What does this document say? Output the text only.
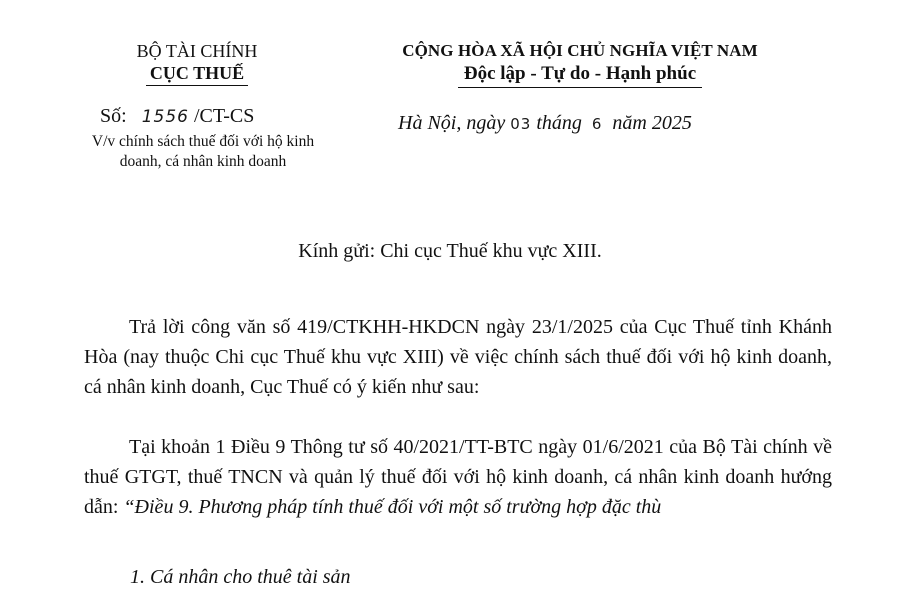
BỘ TÀI CHÍNH
CỤC THUẾ
CỘNG HÒA XÃ HỘI CHỦ NGHĨA VIỆT NAM
Độc lập - Tự do - Hạnh phúc
Số: 1556 /CT-CS
V/v chính sách thuế đối với hộ kinh doanh, cá nhân kinh doanh
Hà Nội, ngày 03 tháng 6 năm 2025
Kính gửi: Chi cục Thuế khu vực XIII.

Trả lời công văn số 419/CTKHH-HKDCN ngày 23/1/2025 của Cục Thuế tỉnh Khánh Hòa (nay thuộc Chi cục Thuế khu vực XIII) về việc chính sách thuế đối với hộ kinh doanh, cá nhân kinh doanh, Cục Thuế có ý kiến như sau:

Tại khoản 1 Điều 9 Thông tư số 40/2021/TT-BTC ngày 01/6/2021 của Bộ Tài chính về thuế GTGT, thuế TNCN và quản lý thuế đối với hộ kinh doanh, cá nhân kinh doanh hướng dẫn: “Điều 9. Phương pháp tính thuế đối với một số trường hợp đặc thù

1. Cá nhân cho thuê tài sản
